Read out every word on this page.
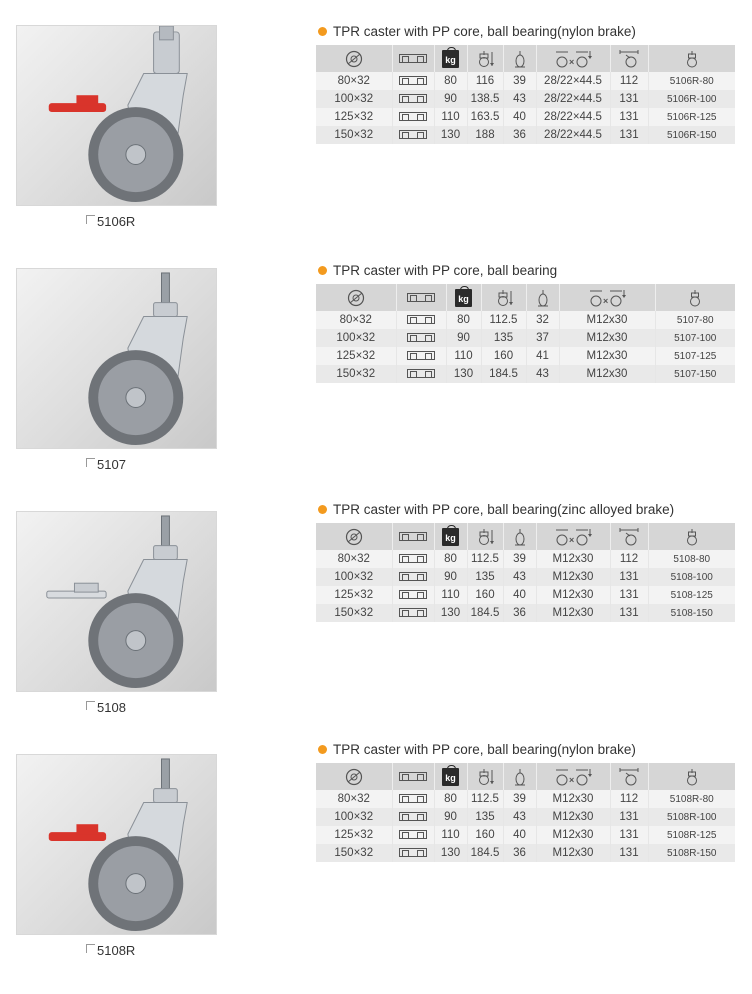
5106R
TPR caster with PP core, ball bearing(nylon brake)
		kg			×

80×32		80	116	39	28/22×44.5	112	5106R-80
100×32		90	138.5	43	28/22×44.5	131	5106R-100
125×32		110	163.5	40	28/22×44.5	131	5106R-125
150×32		130	188	36	28/22×44.5	131	5106R-150
5107
TPR caster with PP core, ball bearing
		kg			×

80×32		80	112.5	32	M12x30	5107-80
100×32		90	135	37	M12x30	5107-100
125×32		110	160	41	M12x30	5107-125
150×32		130	184.5	43	M12x30	5107-150
5108
TPR caster with PP core, ball bearing(zinc alloyed brake)
		kg			×

80×32		80	112.5	39	M12x30	112	5108-80
100×32		90	135	43	M12x30	131	5108-100
125×32		110	160	40	M12x30	131	5108-125
150×32		130	184.5	36	M12x30	131	5108-150
5108R
TPR caster with PP core, ball bearing(nylon brake)
		kg			×

80×32		80	112.5	39	M12x30	112	5108R-80
100×32		90	135	43	M12x30	131	5108R-100
125×32		110	160	40	M12x30	131	5108R-125
150×32		130	184.5	36	M12x30	131	5108R-150
